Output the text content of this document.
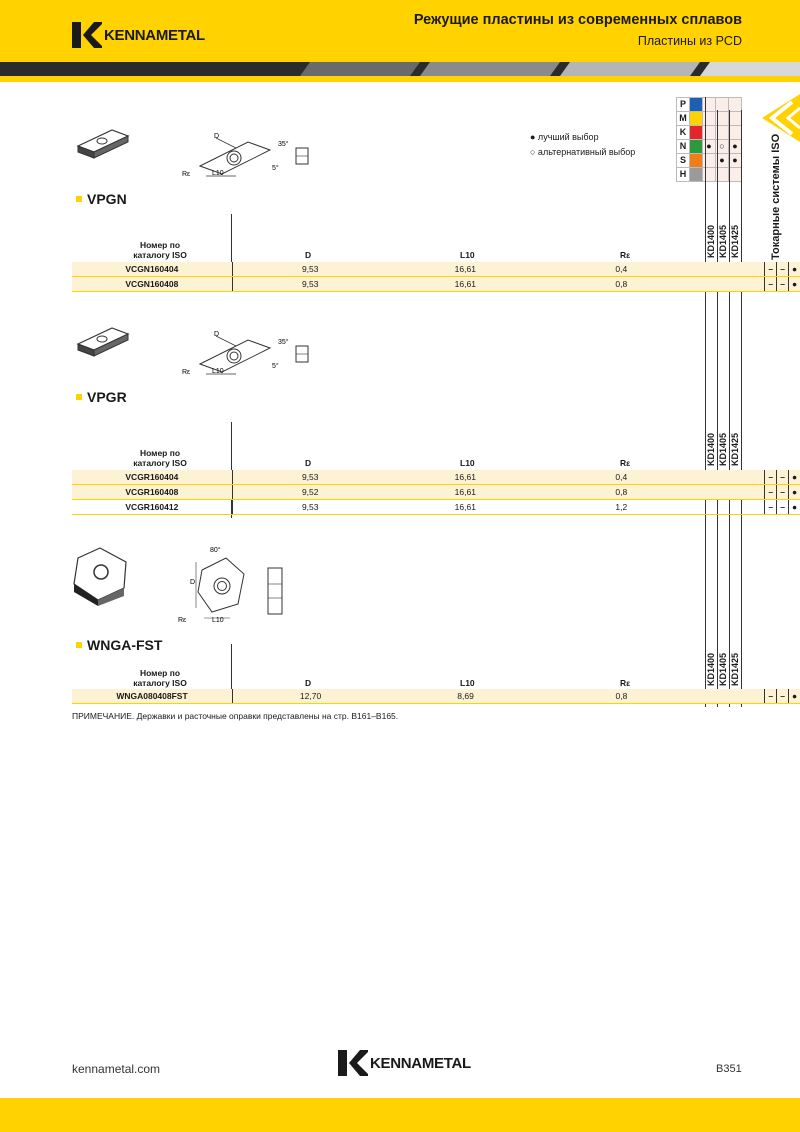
KENNAMETAL
Режущие пластины из современных сплавов
Пластины из PCD
Токарные системы ISO
P				
M				
K				
N		●	○	●
S			●	●
H				
● лучший выбор
○ альтернативный выбор
D
35°
5°
Rε	L10
VPGN
Номер по
каталогу ISO	D	L10	Rε	KD1400 KD1405 KD1425
VCGN160404	9,53	16,61	0,4		–	–	●
VCGN160408	9,53	16,61	0,8		–	–	●
D
35°
5°
Rε	L10
VPGR
Номер по
каталогу ISO	D	L10	Rε	KD1400 KD1405 KD1425
VCGR160404	9,53	16,61	0,4		–	–	●
VCGR160408	9,52	16,61	0,8		–	–	●
VCGR160412	9,53	16,61	1,2		–	–	●
80°
D
Rε	L10
WNGA-FST
Номер по
каталогу ISO	D	L10	Rε	KD1400 KD1405 KD1425
WNGA080408FST	12,70	8,69	0,8		–	–	●
ПРИМЕЧАНИЕ. Державки и расточные оправки представлены на стр. B161–B165.
kennametal.com	KENNAMETAL	B351
